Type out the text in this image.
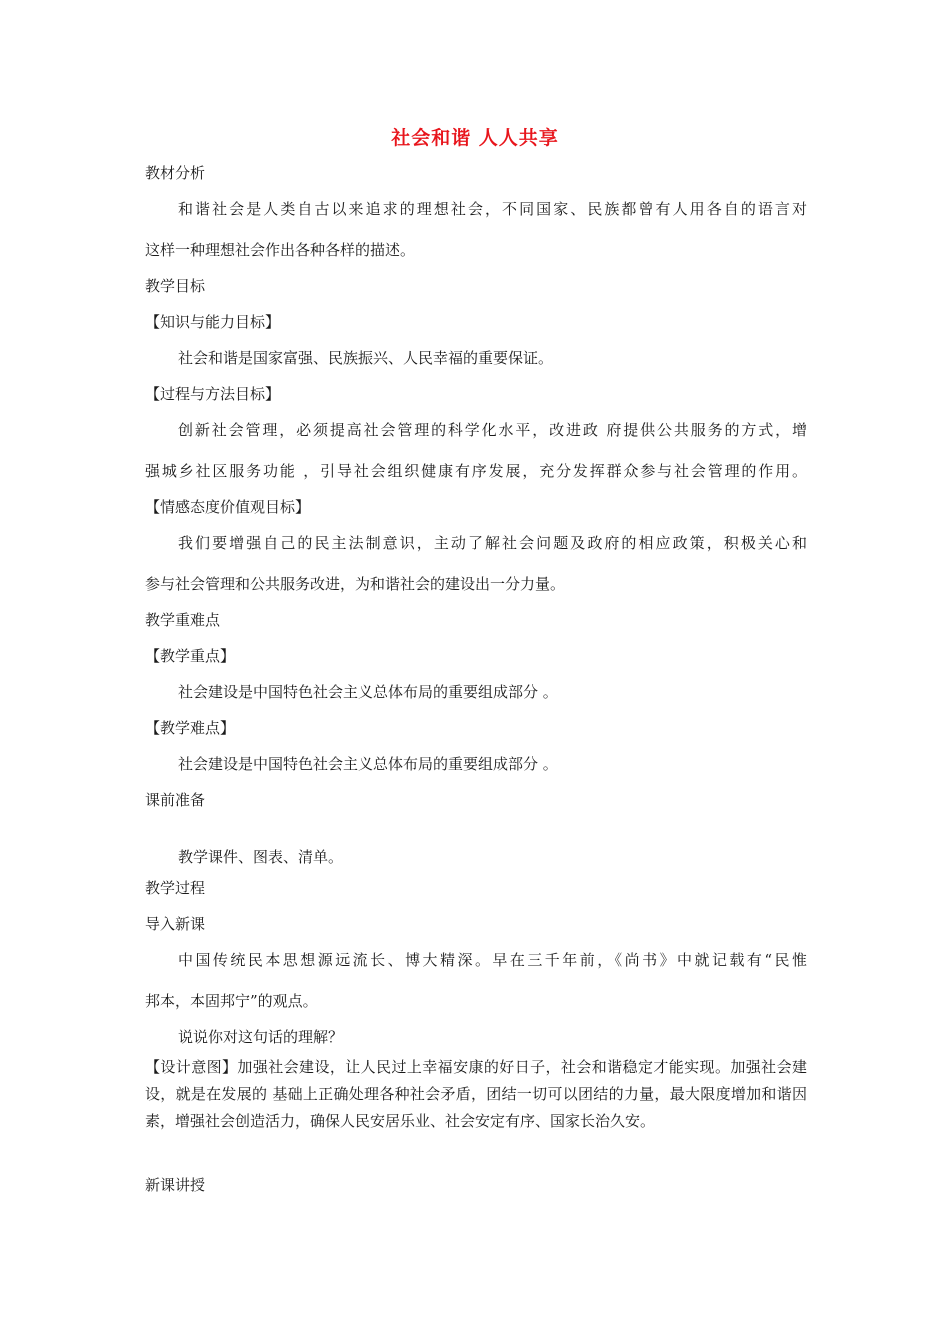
社会和谐 人人共享
教材分析
和谐社会是人类自古以来追求的理想社会，不同国家、民族都曾有人用各自的语言对
这样一种理想社会作出各种各样的描述。
教学目标
【知识与能力目标】
社会和谐是国家富强、民族振兴、人民幸福的重要保证。
【过程与方法目标】
创新社会管理，必须提高社会管理的科学化水平，改进政 府提供公共服务的方式，增
强城乡社区服务功能 ，引导社会组织健康有序发展，充分发挥群众参与社会管理的作用。
【情感态度价值观目标】
我们要增强自己的民主法制意识，主动了解社会问题及政府的相应政策，积极关心和
参与社会管理和公共服务改进，为和谐社会的建设出一分力量。
教学重难点
【教学重点】
社会建设是中国特色社会主义总体布局的重要组成部分 。
【教学难点】
社会建设是中国特色社会主义总体布局的重要组成部分 。
课前准备
教学课件、图表、清单。
教学过程
导入新课
中国传统民本思想源远流长、博大精深。早在三千年前，《尚书》中就记载有“民惟
邦本，本固邦宁”的观点。
说说你对这句话的理解？
【设计意图】加强社会建设，让人民过上幸福安康的好日子，社会和谐稳定才能实现。加强社会建设，就是在发展的 基础上正确处理各种社会矛盾，团结一切可以团结的力量，最大限度增加和谐因素，增强社会创造活力，确保人民安居乐业、社会安定有序、国家长治久安。
新课讲授
